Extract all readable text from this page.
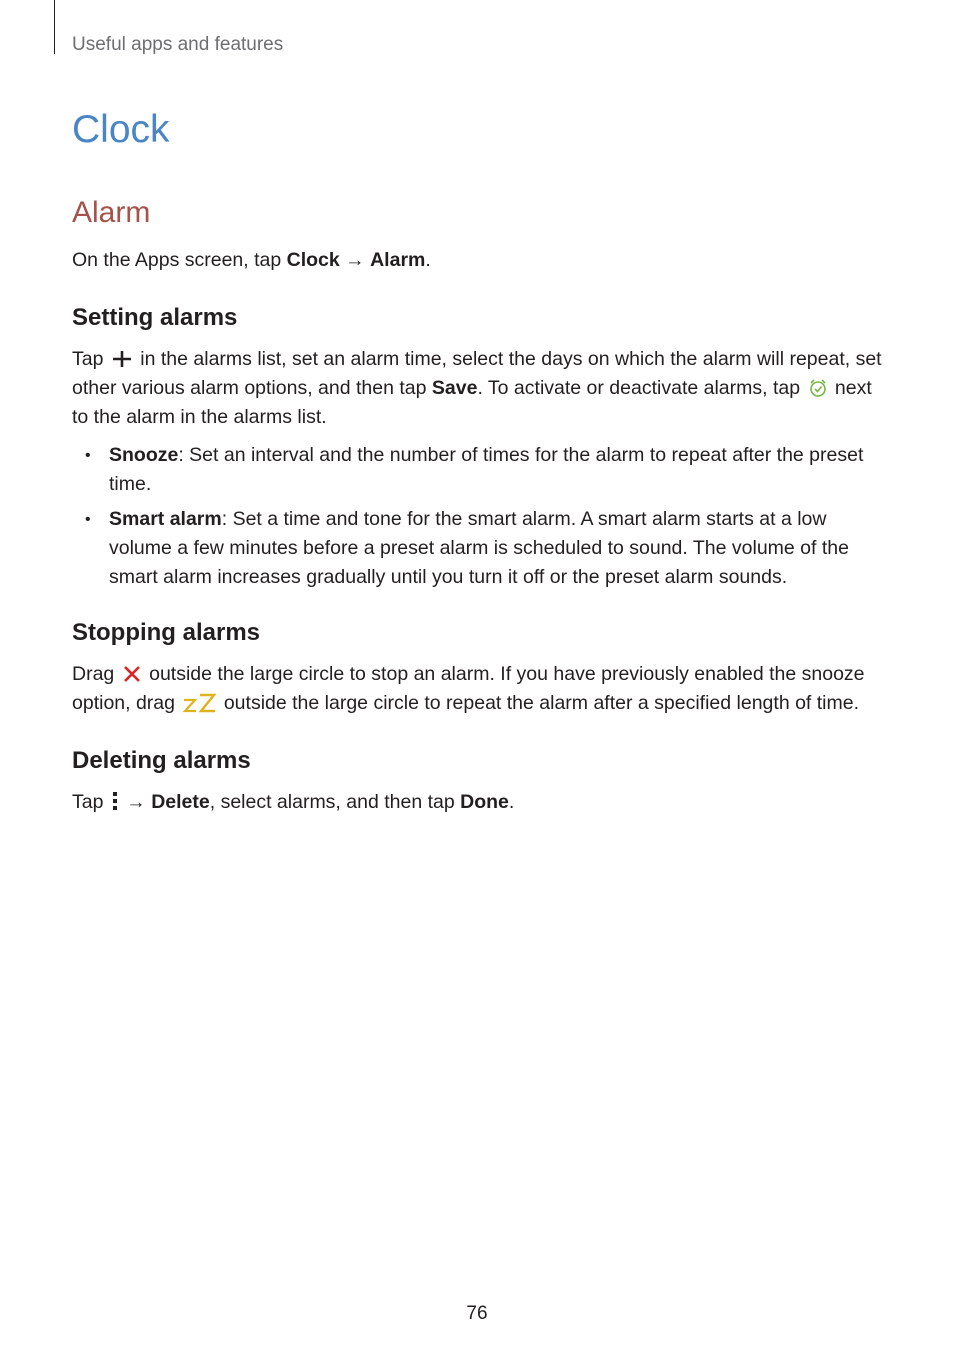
Useful apps and features
Clock
Alarm

On the Apps screen, tap Clock → Alarm.

Setting alarms

Tap  in the alarms list, set an alarm time, select the days on which the alarm will repeat, set
other various alarm options, and then tap Save. To activate or deactivate alarms, tap  next
to the alarm in the alarms list.

• Snooze: Set an interval and the number of times for the alarm to repeat after the preset time.
• Smart alarm: Set a time and tone for the smart alarm. A smart alarm starts at a low volume a few minutes before a preset alarm is scheduled to sound. The volume of the smart alarm increases gradually until you turn it off or the preset alarm sounds.
Stopping alarms

Drag  outside the large circle to stop an alarm. If you have previously enabled the snooze
option, drag  outside the large circle to repeat the alarm after a specified length of time.

Deleting alarms

Tap  → Delete, select alarms, and then tap Done.

76
